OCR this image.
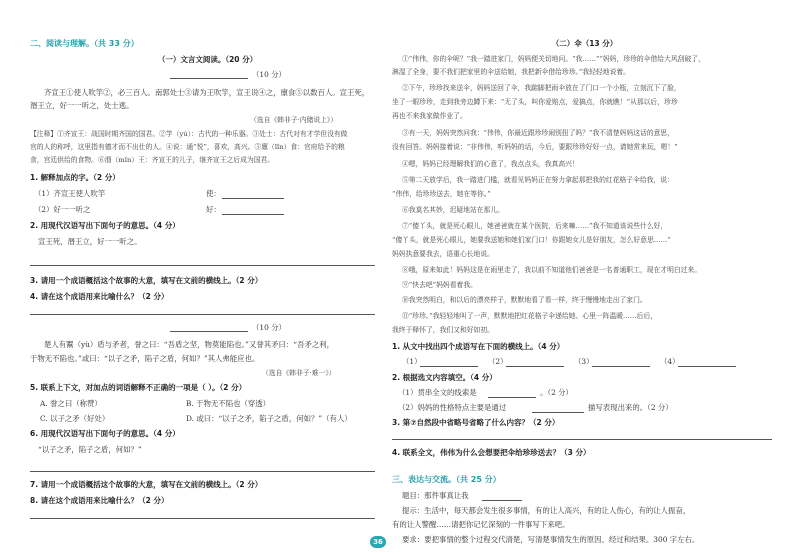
二、阅读与理解。（共 33 分）
（一）文言文阅读。（20 分）
（10 分）
齐宣王①使人吹竽②，必三百人。南郭处士③请为王吹竽，宣王说④之，廪食⑤以数百人。宣王死，
湣王立，好一一听之，处士逃。
（选自《韩非子·内储说上》）
【注释】①齐宣王：战国时期齐国的国君。②竽（yú）：古代的一种乐器。③处士：古代对有才学但没有做
官的人的称呼，这里指有德才而不出仕的人。④说：通“悦”，喜欢，高兴。⑤廪（lǐn）食：官府给予的粮
食，宫廷供给的食物。⑥湣（mǐn）王：齐宣王的儿子，继齐宣王之后成为国君。
1. 解释加点的字。（2 分）
（1）齐宣王使人吹竽	使：
（2）好一一听之	好：
2. 用现代汉语写出下面句子的意思。（4 分）
宣王死，湣王立，好一一听之。
3. 请用一个成语概括这个故事的大意，填写在文前的横线上。（2 分）
4. 请在这个成语用来比喻什么？（2 分）
（10 分）
楚人有鬻（yù）盾与矛者，誉之曰：“吾盾之坚，物莫能陷也。”又誉其矛曰：“吾矛之利，
于物无不陷也。”或曰：“以子之矛，陷子之盾，何如？”其人弗能应也。
（选自《韩非子·难一》）
5. 联系上下文，对加点的词语解释不正确的一项是（ ）。（2 分）
A. 誉之曰（称赞）	B. 于物无不陷也（穿透）
C. 以子之矛（好处）	D. 或曰：“以子之矛，陷子之盾，何如？”（有人）
6. 用现代汉语写出下面句子的意思。（4 分）
“以子之矛，陷子之盾，何如？”
7. 请用一个成语概括这个故事的大意，填写在文前的横线上。（2 分）
8. 请在这个成语用来比喻什么？（2 分）
（二）伞（13 分）
①“伟伟，你的伞呢？”我一踏进家门，妈妈便关切地问。“我……”“妈妈，珍珍的伞借给大风刮破了，
淋湿了全身，要不我们把家里的伞送给她，我把新伞借给珍珍。”我轻轻地说着。
②下午，珍珍找来送伞，妈妈送回了伞，我踮脚把雨伞放在了门口一个小瓶，立刻沉下了脸，
坐了一眼珍珍，走到我旁边蹲下来：“无了头，叫你爱赔点，爱搞点，你就瞧！”从那以后，珍珍
再也不来我家做作业了。
③有一天，妈妈突然问我：“伟伟，你最近跟珍珍闹别扭了吗？”我不清楚妈妈这话的意思，
没有回答。妈妈接着说：“非伟伟，听妈妈的话，今后，要跟珍珍好好一点，请她常来玩，嗯！”
④嗯，妈妈已经理解我们的心意了，我点点头，我真高兴！
⑤第二天放学后，我一踏进门槛，就看见妈妈正在努力拿起那把我的红花格子伞给我，说：
“伟伟，给珍珍送去，她在等你。”
⑥我莫名其妙，迟疑地站在那儿。
⑦“傻丫头，就是死心眼儿，她爸爸就在某个医院，后来嘛……”我不知道该说些什么好，
“傻丫头，就是死心眼儿，她要我送她和她们家门口！你跟她女儿是好朋友，怎么好意思……”
妈妈执意要我去，语重心长地说。
⑧哦，原来如此！妈妈这是在雨里走了，我以前不知道他们爸爸是一名普通职工，现在才明白过来。
⑨“快去吧”妈妈看着我。
⑩我突然明白，和以后的漂亮样子，默默地看了看一样，终于慢慢地走出了家门。
⑪“珍珍。”我轻轻地叫了一声，默默地把红花格子伞递给她。心里一阵温暖……后后，
我终于释怀了，我们又和好如初。
1. 从文中找出四个成语写在下面的横线上。（4 分）
（1）	（2）	（3）	（4）
2. 根据选文内容填空。（4 分）
（1）贯串全文的线索是	。（2 分）
（2）妈妈的性格特点主要是通过	描写表现出来的。（2 分）
3. 第⑦自然段中省略号省略了什么内容？（2 分）
4. 联系全文，伟伟为什么会想要把伞给珍珍送去？（3 分）
三、表达与交流。（共 25 分）
题目：那件事真让我
提示：生活中，每天都会发生很多事情，有的让人高兴，有的让人伤心，有的让人振奋，
有的让人警醒……请把你记忆深刻的一件事写下来吧。
要求：要把事情的整个过程交代清楚，写清楚事情发生的原因、经过和结果。300 字左右。
36
